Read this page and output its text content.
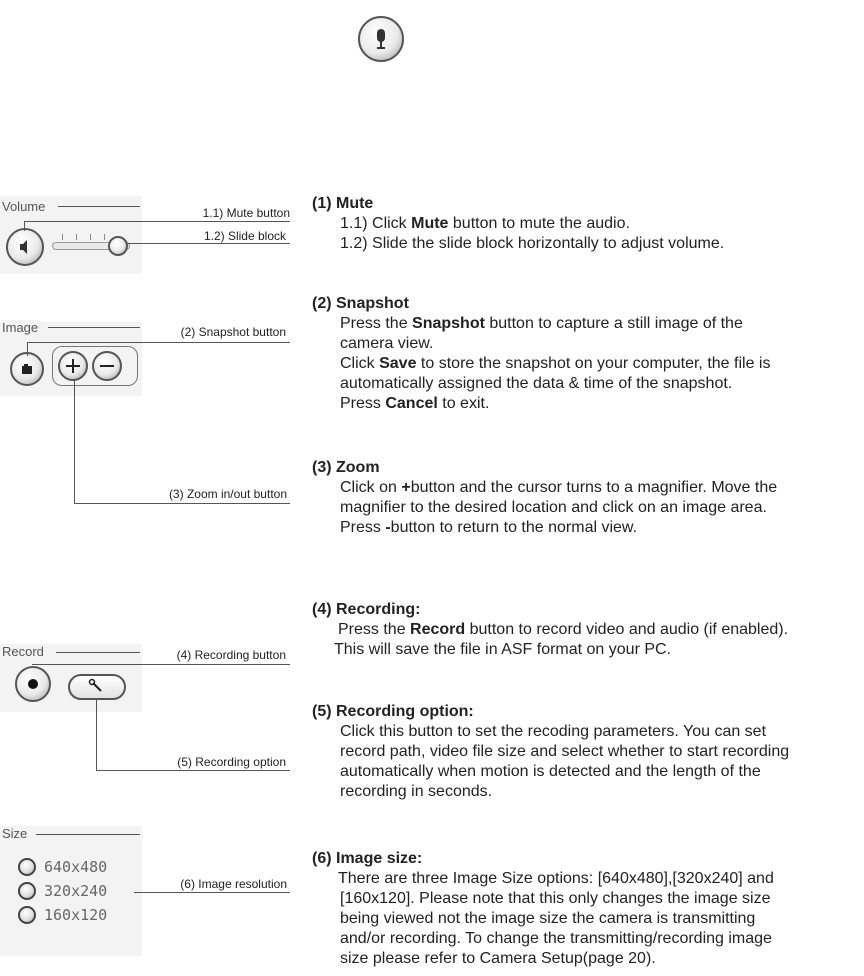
Volume	1.1) Mute button
1.2) Slide block
Image	(2) Snapshot button
(3) Zoom in/out button
Record	(4) Recording button
(5) Recording option
Size
640x480
320x240
160x120
(6) Image resolution
(1) Mute

1.1) Click Mute button to mute the audio.

1.2) Slide the slide block horizontally to adjust volume.

(2) Snapshot

Press the Snapshot button to capture a still image of the

camera view.

Click Save to store the snapshot on your computer, the file is

automatically assigned the data & time of the snapshot.

Press Cancel to exit.

(3) Zoom

Click on +button and the cursor turns to a magnifier. Move the

magnifier to the desired location and click on an image area.

Press -button to return to the normal view.

(4) Recording:

Press the Record button to record video and audio (if enabled).

This will save the file in ASF format on your PC.

(5) Recording option:

Click this button to set the recoding parameters. You can set

record path, video file size and select whether to start recording

automatically when motion is detected and the length of the

recording in seconds.

(6) Image size:

There are three Image Size options: [640x480],[320x240] and

[160x120]. Please note that this only changes the image size

being viewed not the image size the camera is transmitting

and/or recording. To change the transmitting/recording image

size please refer to Camera Setup(page 20).
